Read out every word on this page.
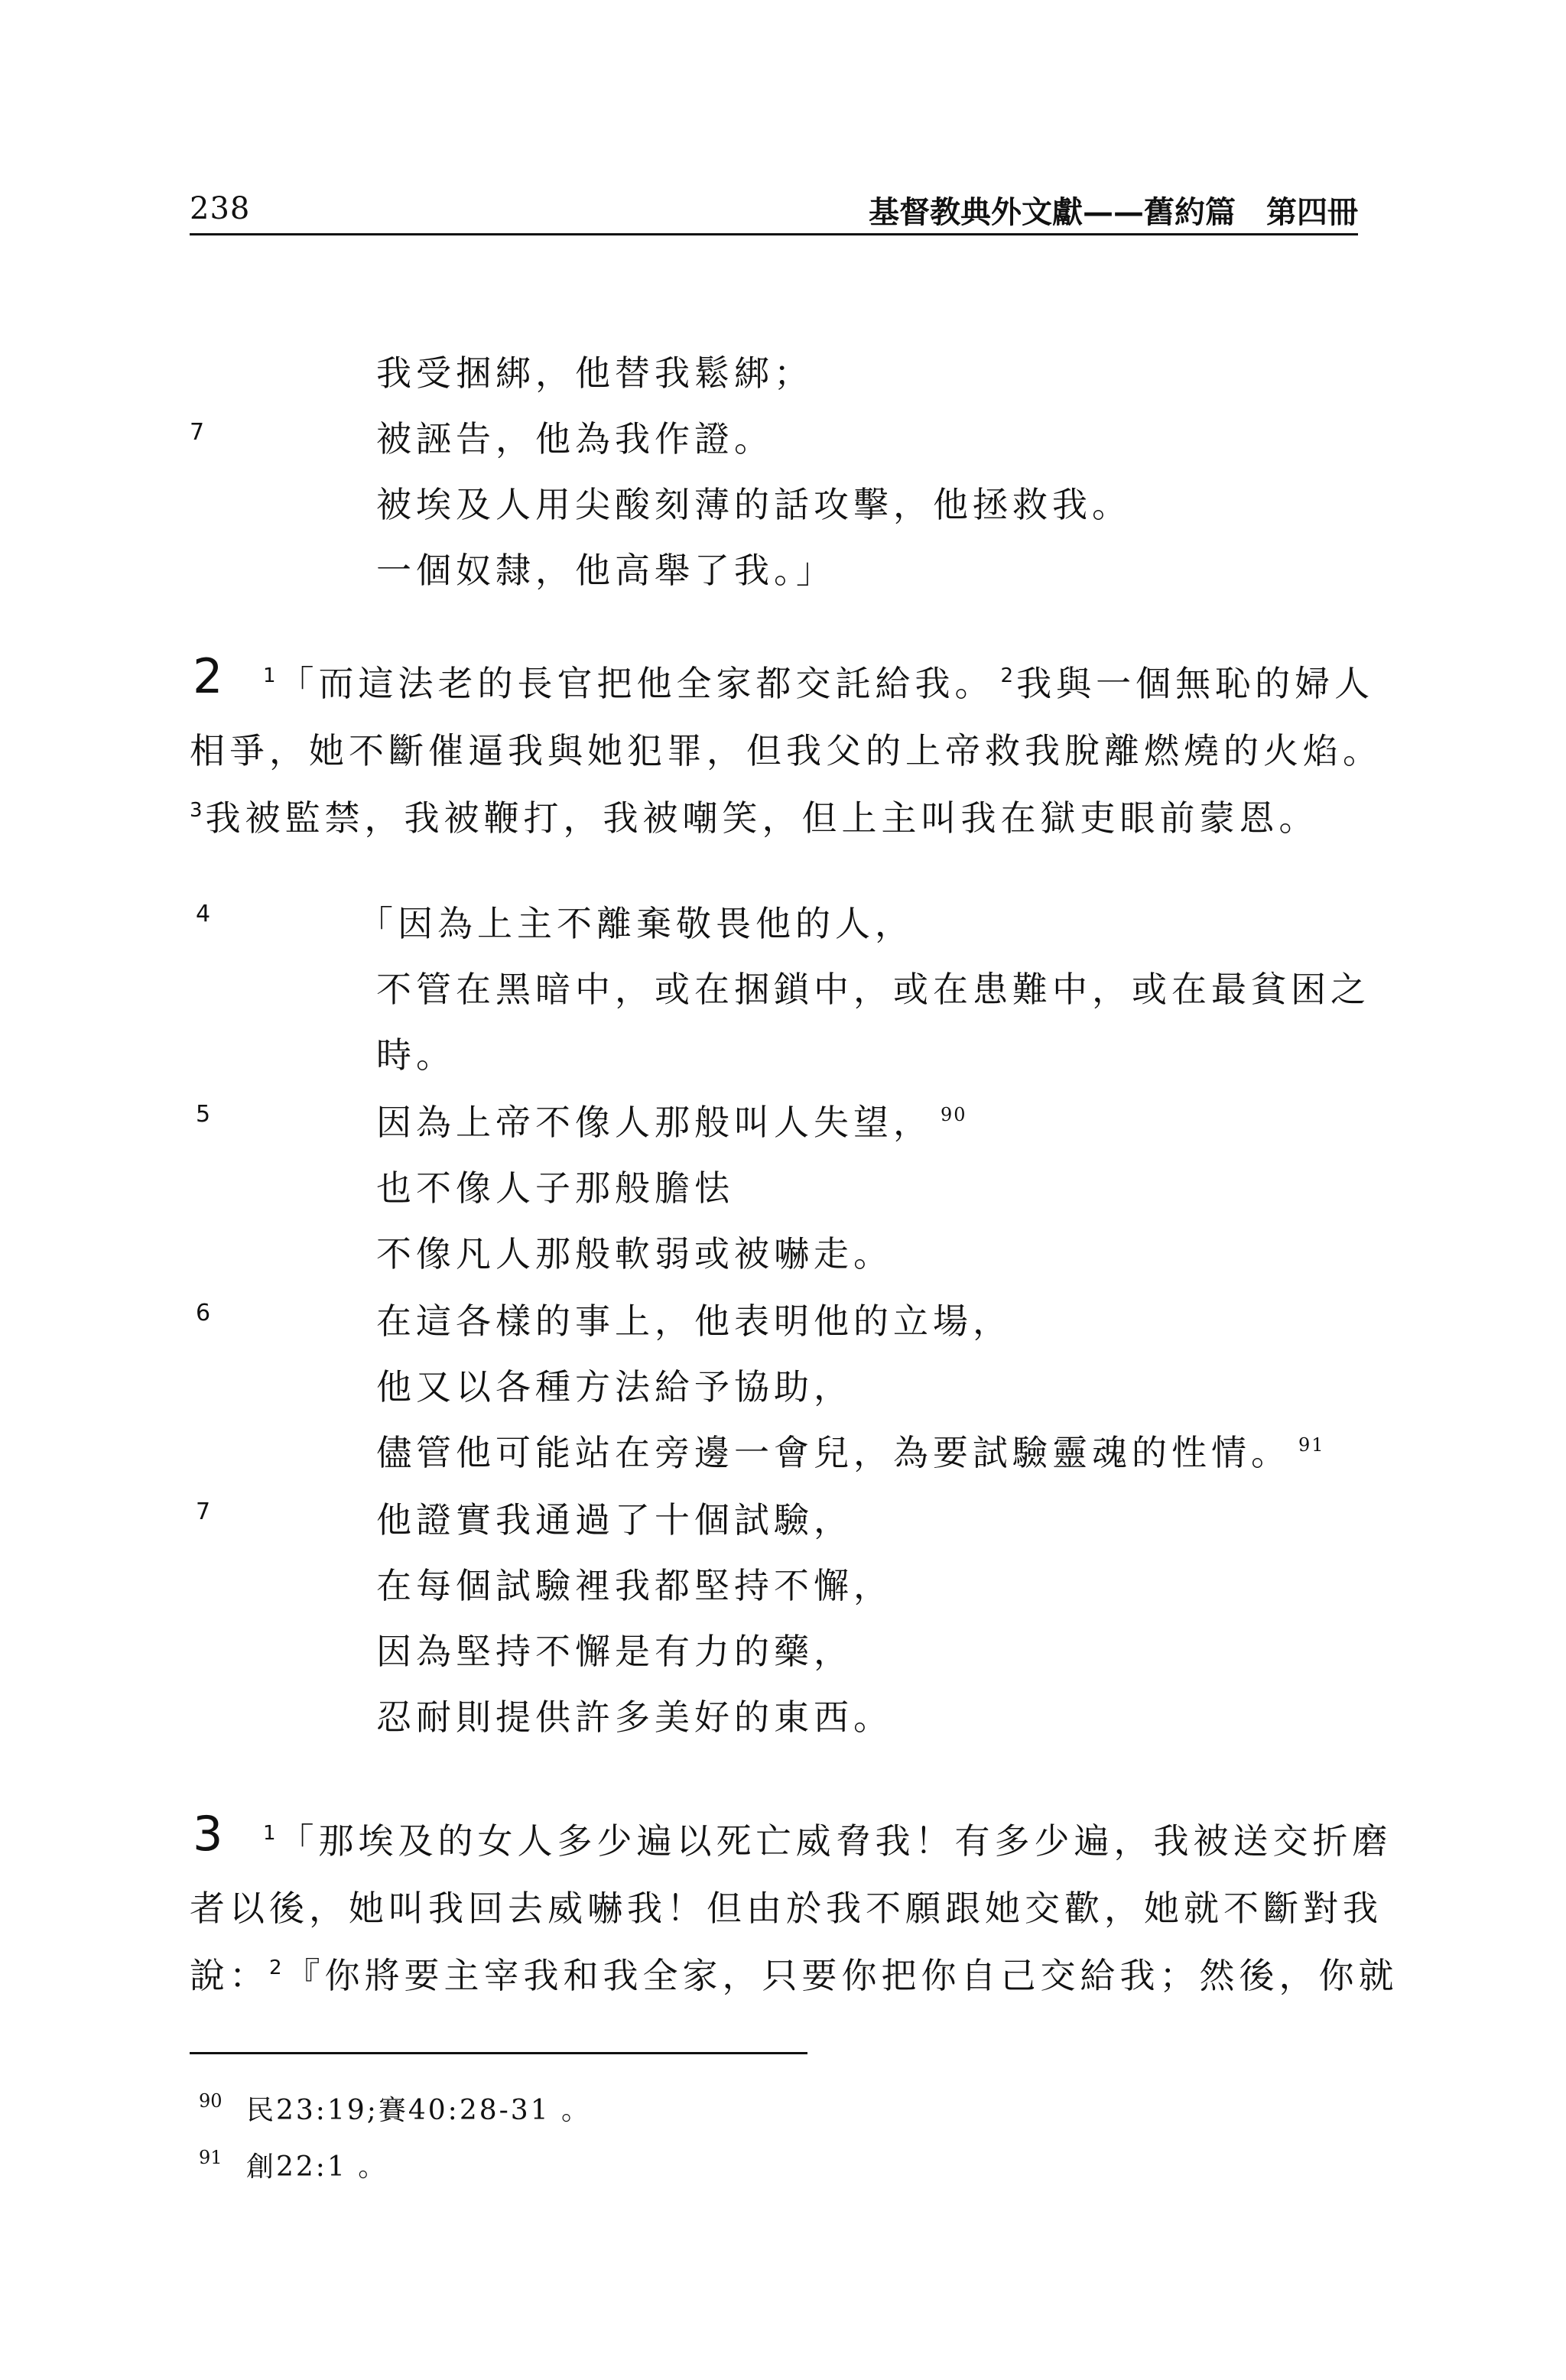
238	基督教典外文獻——舊約篇　第四冊
我受捆綁，他替我鬆綁；
7	被誣告，他為我作證。
被埃及人用尖酸刻薄的話攻擊，他拯救我。
一個奴隸，他高舉了我。」
2 $^1$「而這法老的長官把他全家都交託給我。 $^2$我與一個無恥的婦人
相爭，她不斷催逼我與她犯罪，但我父的上帝救我脫離燃燒的火焰。
$^3$我被監禁，我被鞭打，我被嘲笑，但上主叫我在獄吏眼前蒙恩。
4	「因為上主不離棄敬畏他的人，
不管在黑暗中，或在捆鎖中，或在患難中，或在最貧困之
時。
5	因為上帝不像人那般叫人失望， $^{90}$
也不像人子那般膽怯
不像凡人那般軟弱或被嚇走。
6	在這各樣的事上，他表明他的立場，
他又以各種方法給予協助，
儘管他可能站在旁邊一會兒，為要試驗靈魂的性情。 $^{91}$
7	他證實我通過了十個試驗，
在每個試驗裡我都堅持不懈，
因為堅持不懈是有力的藥，
忍耐則提供許多美好的東西。
3 $^1$「那埃及的女人多少遍以死亡威脅我！有多少遍，我被送交折磨
者以後，她叫我回去威嚇我！但由於我不願跟她交歡，她就不斷對我
說：$^2$『你將要主宰我和我全家，只要你把你自己交給我；然後，你就
90 民23:19;賽40:28-31 。
91 創22:1 。
